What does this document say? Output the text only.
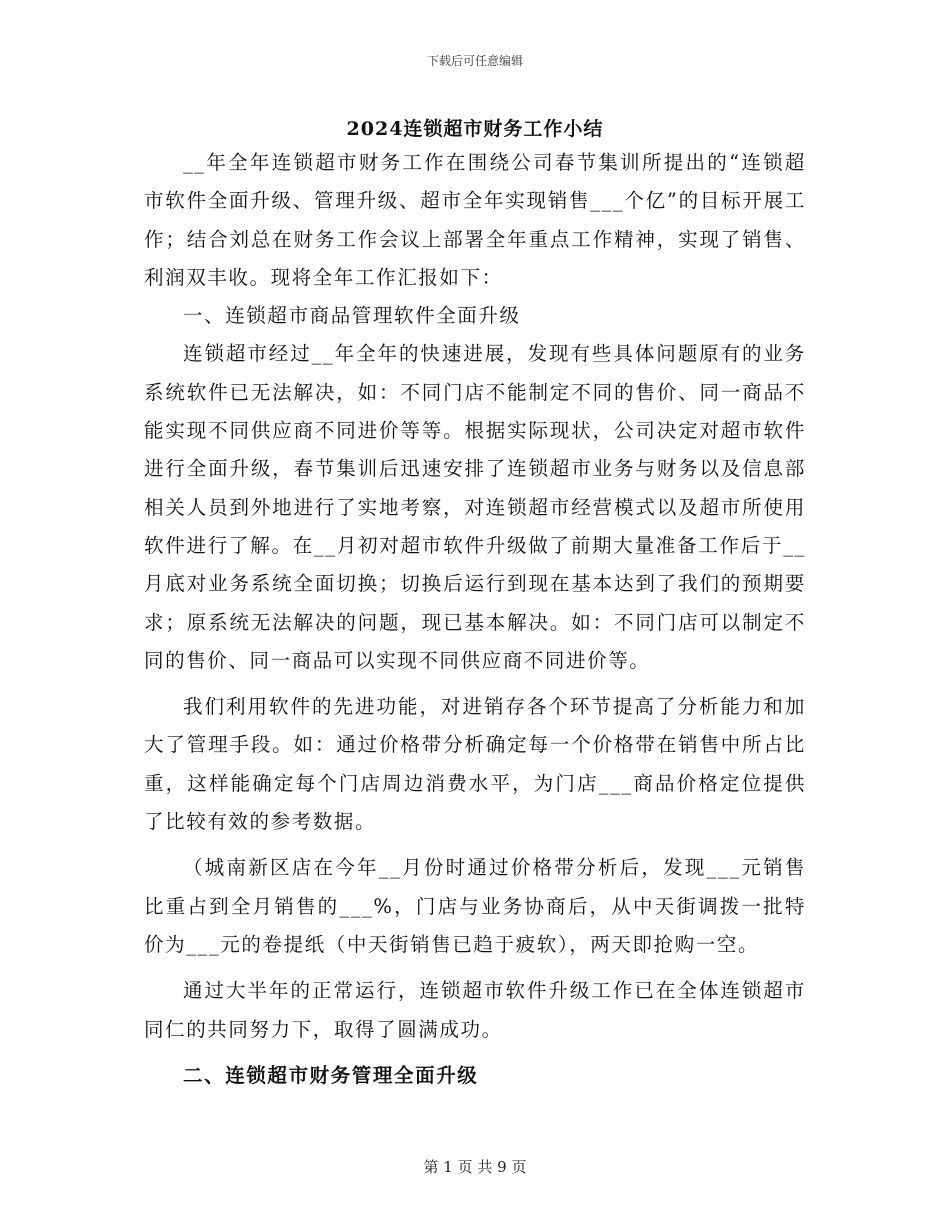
下载后可任意编辑
2024连锁超市财务工作小结

__年全年连锁超市财务工作在围绕公司春节集训所提出的“连锁超市软件全面升级、管理升级、超市全年实现销售___个亿”的目标开展工作；结合刘总在财务工作会议上部署全年重点工作精神，实现了销售、利润双丰收。现将全年工作汇报如下：

一、连锁超市商品管理软件全面升级

连锁超市经过__年全年的快速进展，发现有些具体问题原有的业务系统软件已无法解决，如：不同门店不能制定不同的售价、同一商品不能实现不同供应商不同进价等等。根据实际现状，公司决定对超市软件进行全面升级，春节集训后迅速安排了连锁超市业务与财务以及信息部相关人员到外地进行了实地考察，对连锁超市经营模式以及超市所使用软件进行了解。在__月初对超市软件升级做了前期大量准备工作后于__月底对业务系统全面切换；切换后运行到现在基本达到了我们的预期要求；原系统无法解决的问题，现已基本解决。如：不同门店可以制定不同的售价、同一商品可以实现不同供应商不同进价等。

我们利用软件的先进功能，对进销存各个环节提高了分析能力和加大了管理手段。如：通过价格带分析确定每一个价格带在销售中所占比重，这样能确定每个门店周边消费水平，为门店___商品价格定位提供了比较有效的参考数据。

（城南新区店在今年__月份时通过价格带分析后，发现___元销售比重占到全月销售的___%，门店与业务协商后，从中天街调拨一批特价为___元的卷提纸（中天街销售已趋于疲软），两天即抢购一空。

通过大半年的正常运行，连锁超市软件升级工作已在全体连锁超市同仁的共同努力下，取得了圆满成功。

二、连锁超市财务管理全面升级

第 1 页 共 9 页
